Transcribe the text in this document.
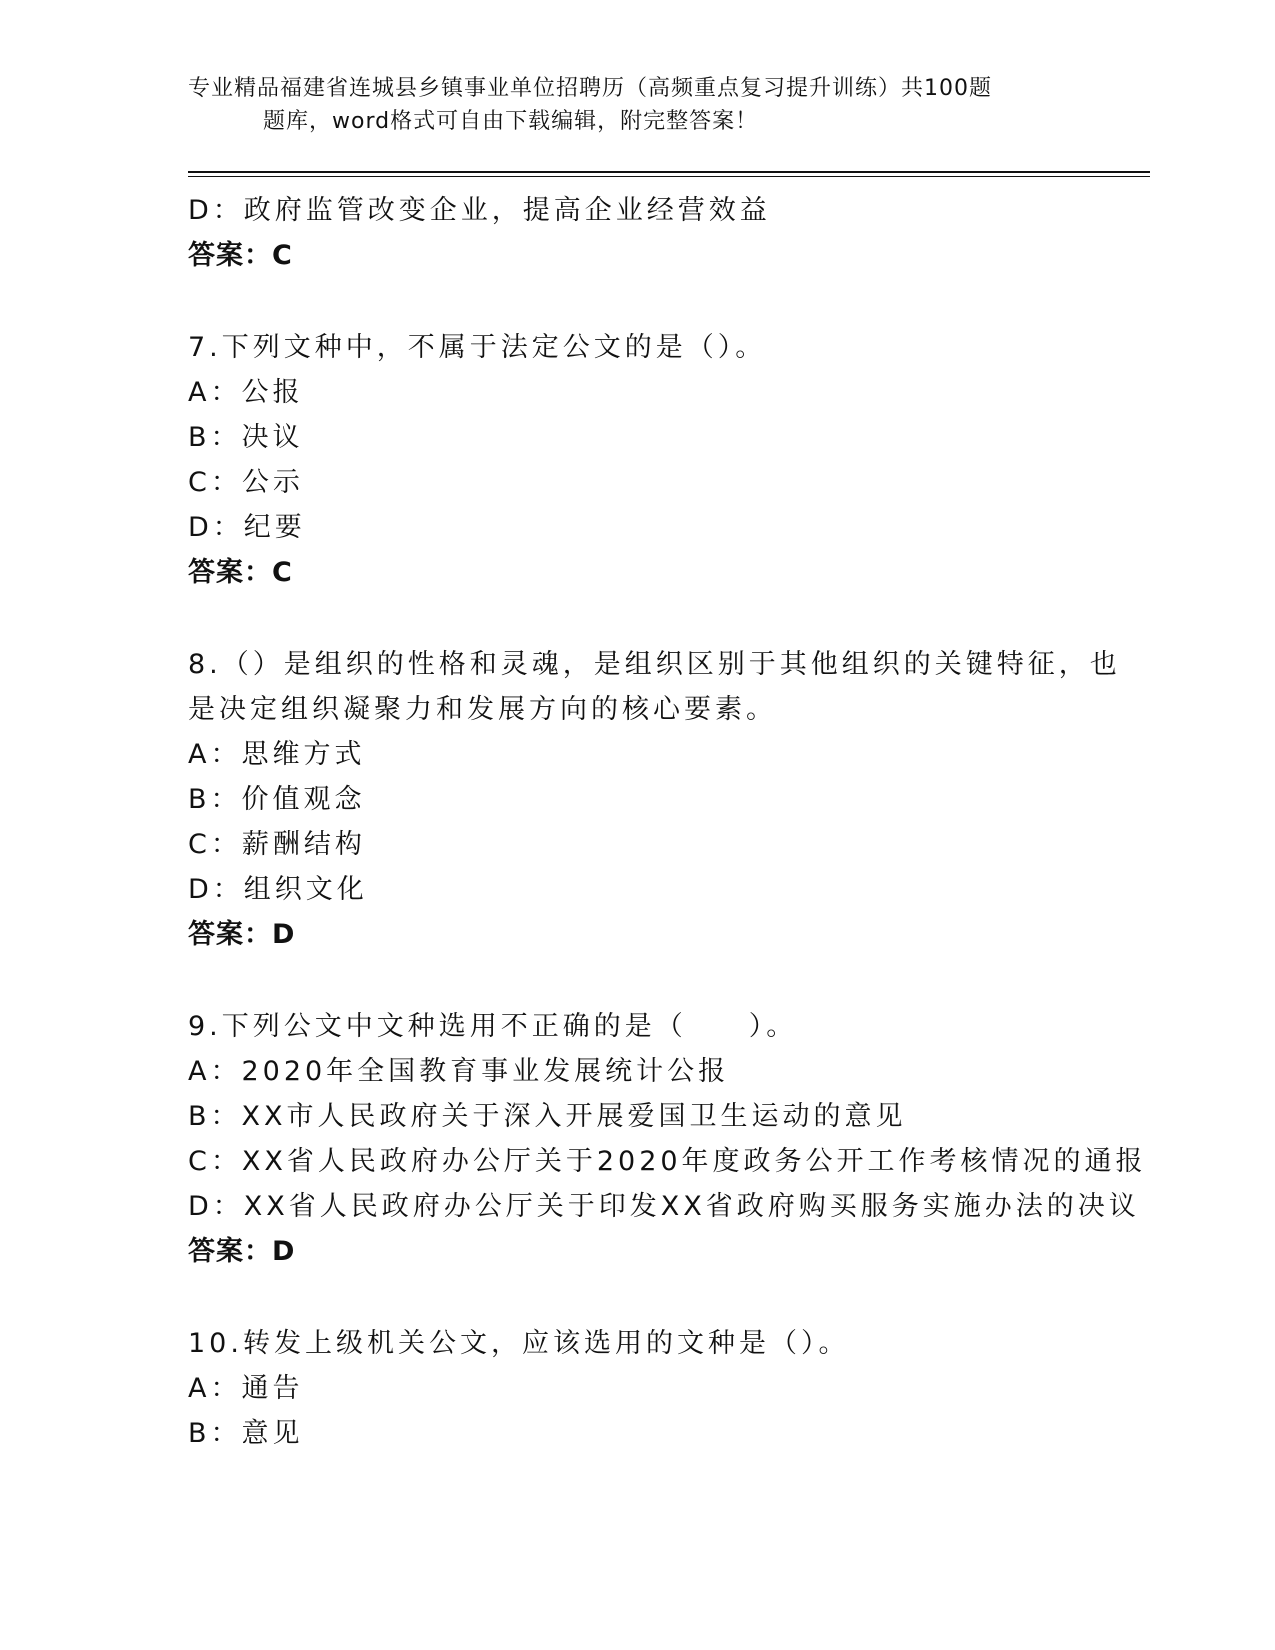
专业精品福建省连城县乡镇事业单位招聘历（高频重点复习提升训练）共100题
题库，word格式可自由下载编辑，附完整答案！
D：政府监管改变企业，提高企业经营效益
答案：C
7.下列文种中，不属于法定公文的是（）。
A：公报
B：决议
C：公示
D：纪要
答案：C
8.（）是组织的性格和灵魂，是组织区别于其他组织的关键特征，也
是决定组织凝聚力和发展方向的核心要素。
A：思维方式
B：价值观念
C：薪酬结构
D：组织文化
答案：D
9.下列公文中文种选用不正确的是（　　）。
A：2020年全国教育事业发展统计公报
B：XX市人民政府关于深入开展爱国卫生运动的意见
C：XX省人民政府办公厅关于2020年度政务公开工作考核情况的通报
D：XX省人民政府办公厅关于印发XX省政府购买服务实施办法的决议
答案：D
10.转发上级机关公文，应该选用的文种是（）。
A：通告
B：意见
